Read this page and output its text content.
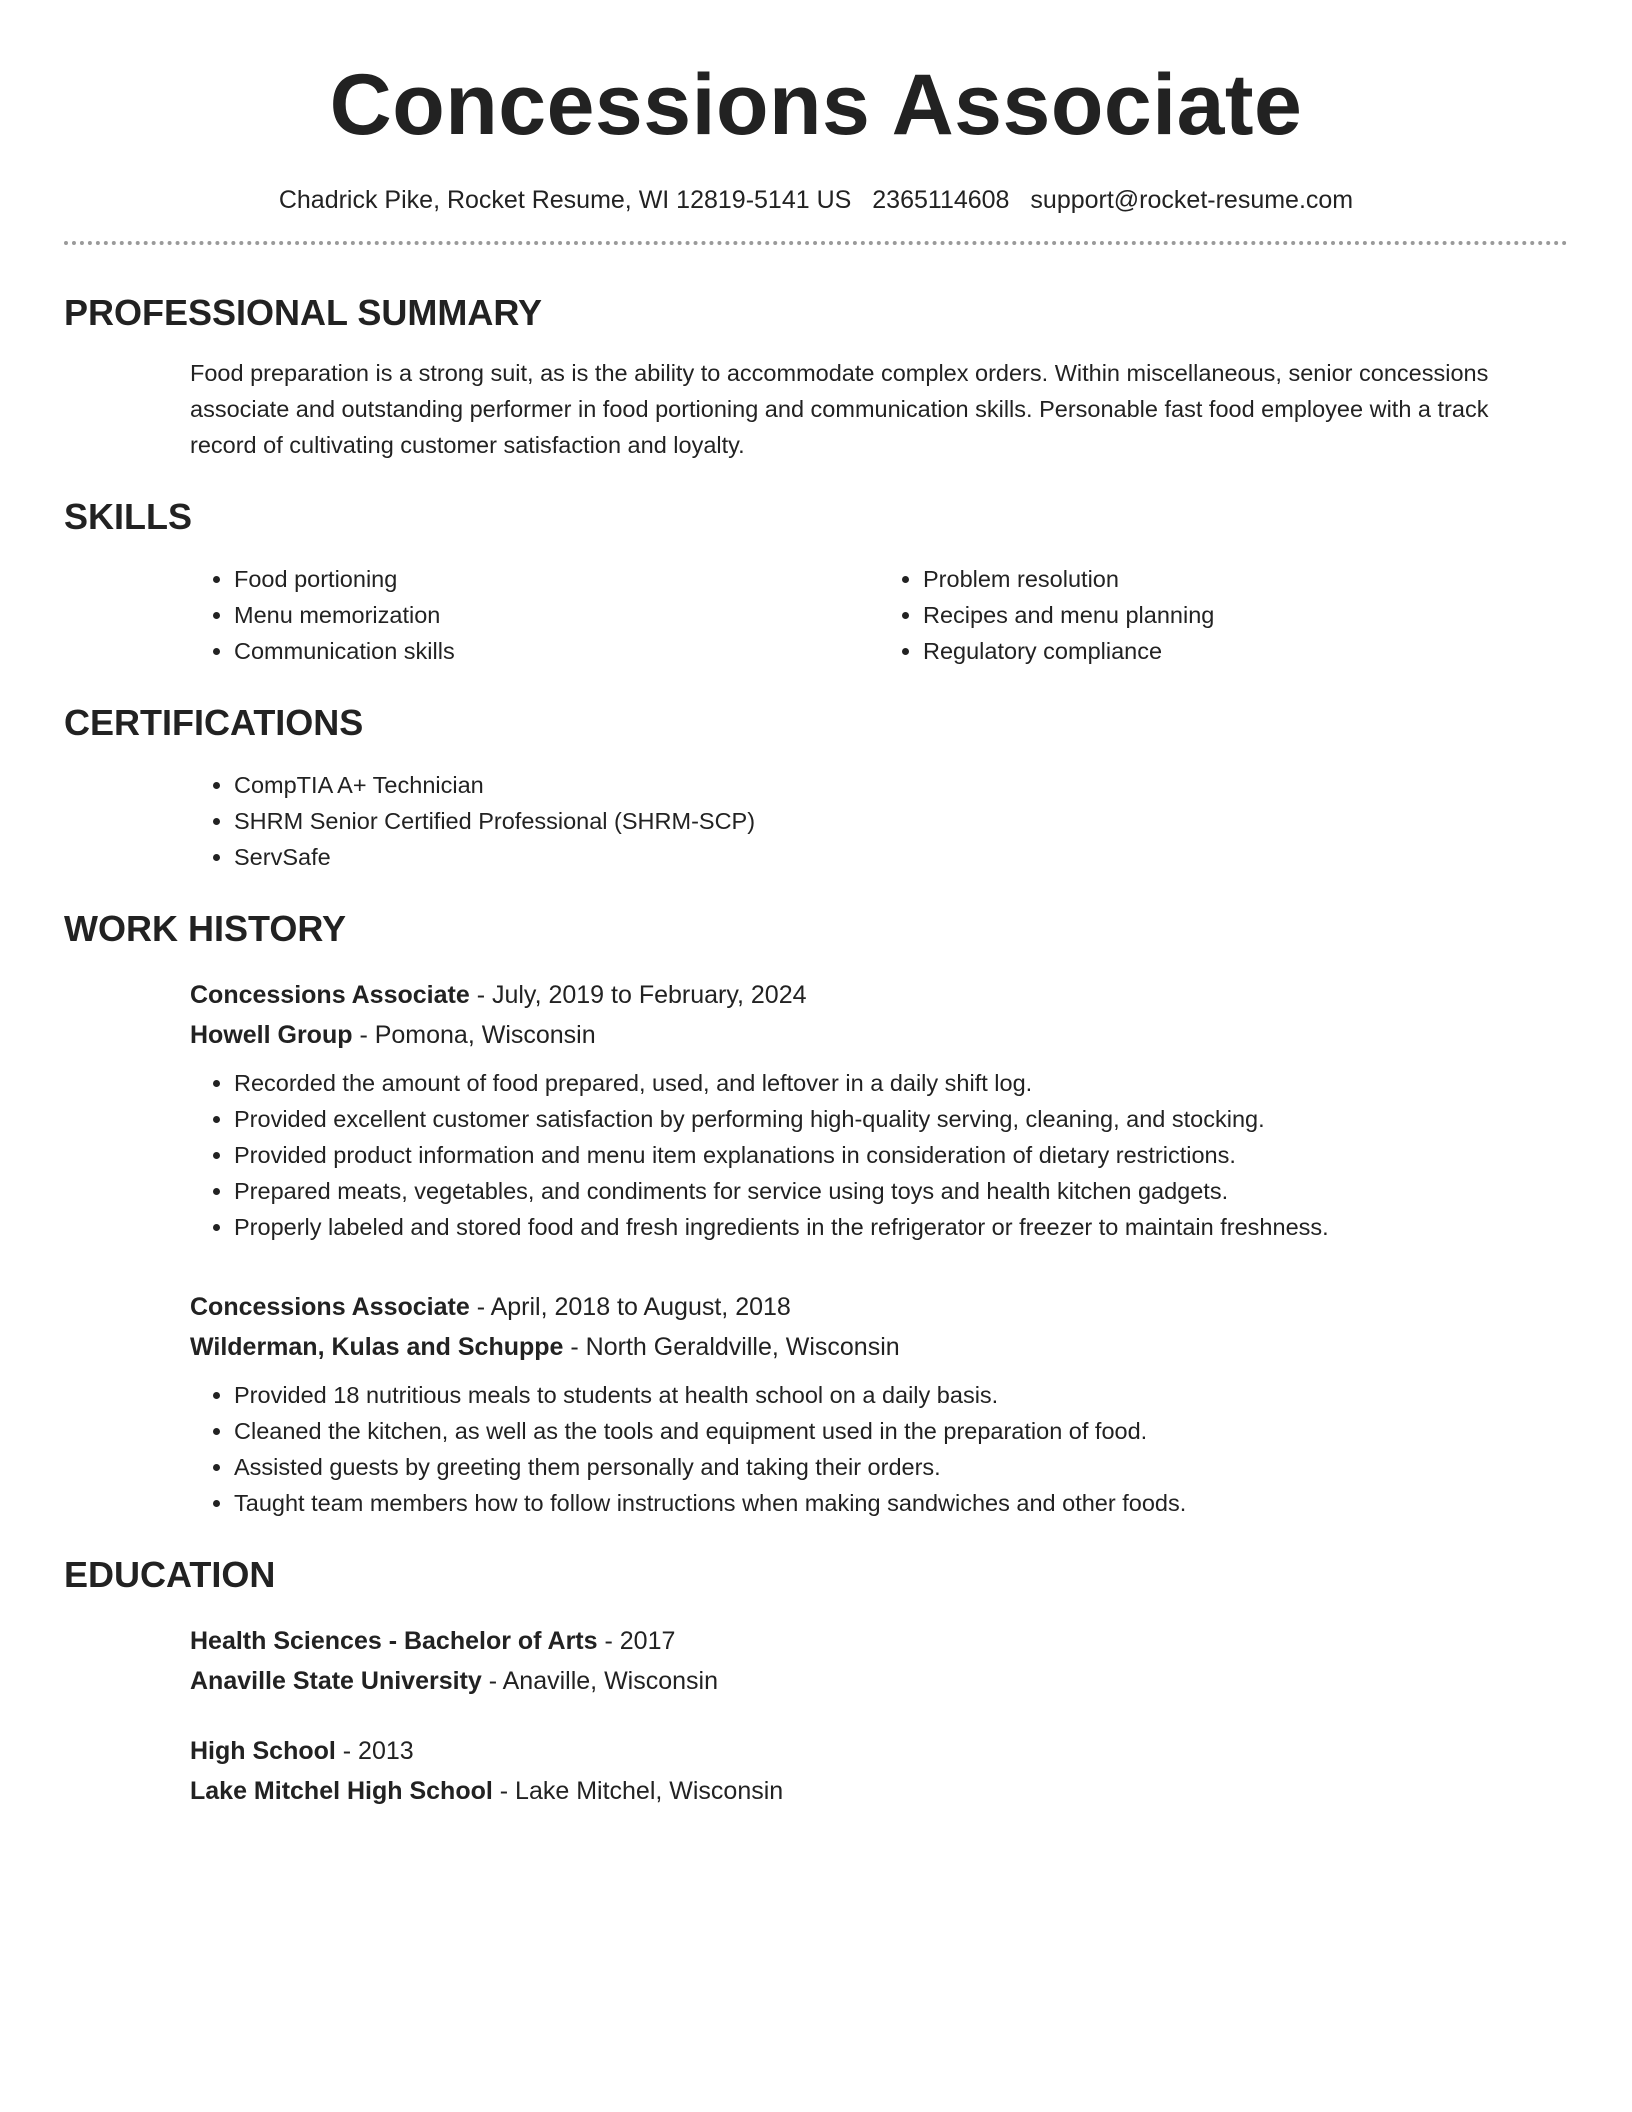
Concessions Associate
Chadrick Pike, Rocket Resume, WI 12819-5141 US 2365114608 support@rocket-resume.com
PROFESSIONAL SUMMARY

Food preparation is a strong suit, as is the ability to accommodate complex orders. Within miscellaneous, senior concessions associate and outstanding performer in food portioning and communication skills. Personable fast food employee with a track record of cultivating customer satisfaction and loyalty.

SKILLS
• Food portioning
• Menu memorization
• Communication skills
• Problem resolution
• Recipes and menu planning
• Regulatory compliance
CERTIFICATIONS
• CompTIA A+ Technician
• SHRM Senior Certified Professional (SHRM-SCP)
• ServSafe
WORK HISTORY
Concessions Associate - July, 2019 to February, 2024
Howell Group - Pomona, Wisconsin
• Recorded the amount of food prepared, used, and leftover in a daily shift log.
• Provided excellent customer satisfaction by performing high-quality serving, cleaning, and stocking.
• Provided product information and menu item explanations in consideration of dietary restrictions.
• Prepared meats, vegetables, and condiments for service using toys and health kitchen gadgets.
• Properly labeled and stored food and fresh ingredients in the refrigerator or freezer to maintain freshness.
Concessions Associate - April, 2018 to August, 2018
Wilderman, Kulas and Schuppe - North Geraldville, Wisconsin
• Provided 18 nutritious meals to students at health school on a daily basis.
• Cleaned the kitchen, as well as the tools and equipment used in the preparation of food.
• Assisted guests by greeting them personally and taking their orders.
• Taught team members how to follow instructions when making sandwiches and other foods.
EDUCATION
Health Sciences - Bachelor of Arts - 2017
Anaville State University - Anaville, Wisconsin
High School - 2013
Lake Mitchel High School - Lake Mitchel, Wisconsin
